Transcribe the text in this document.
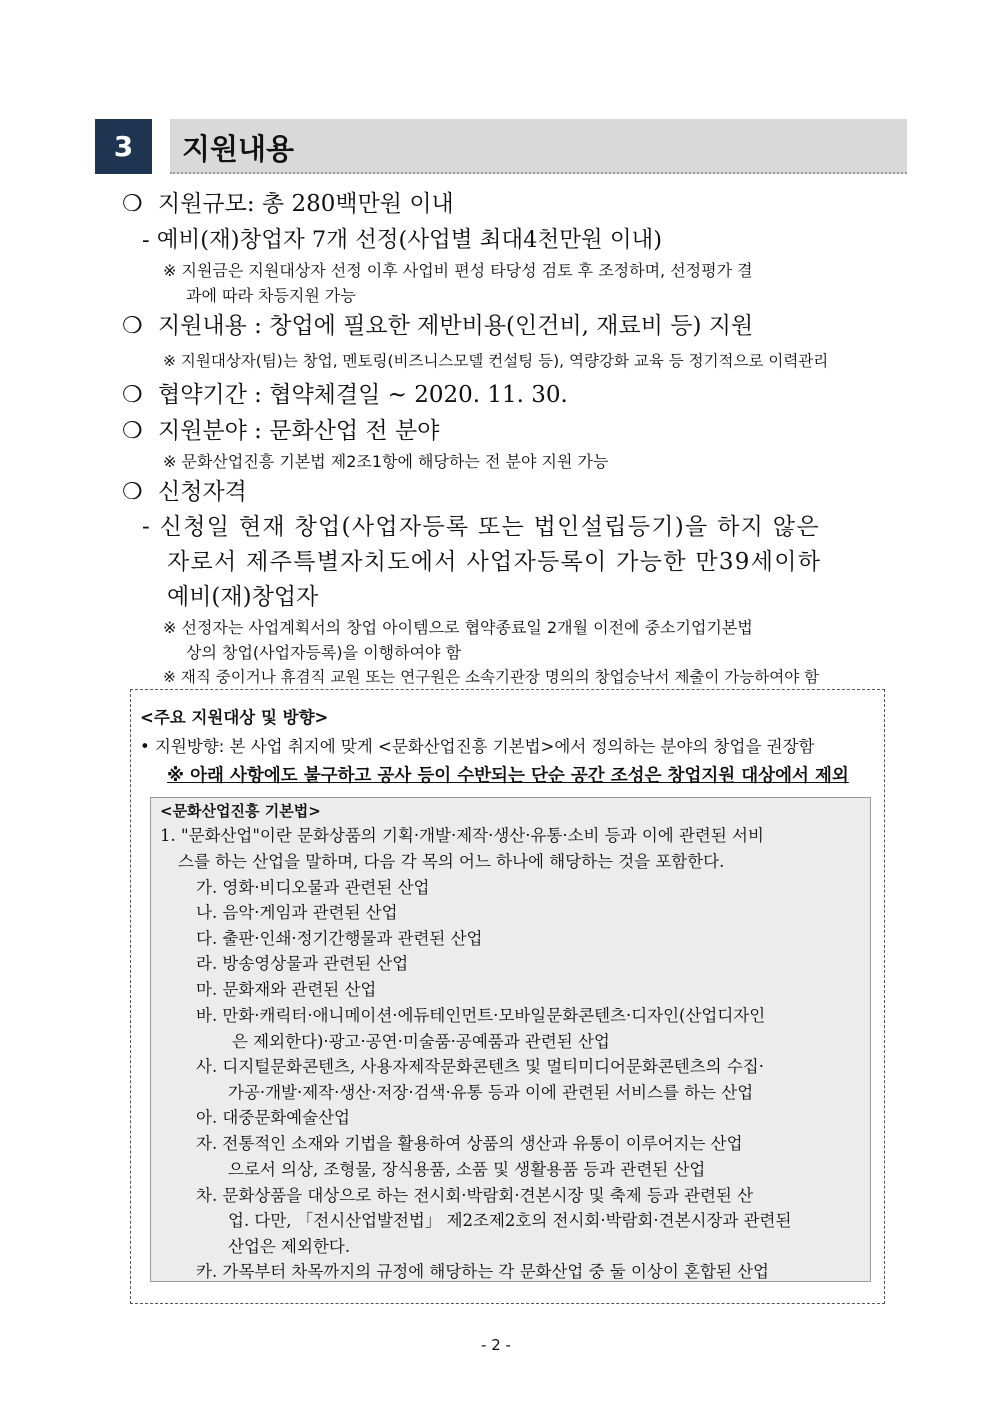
3	지원내용
❍ 지원규모: 총 280백만원 이내
- 예비(재)창업자 7개 선정(사업별 최대4천만원 이내)
※ 지원금은 지원대상자 선정 이후 사업비 편성 타당성 검토 후 조정하며, 선정평가 결
과에 따라 차등지원 가능
❍ 지원내용 : 창업에 필요한 제반비용(인건비, 재료비 등) 지원
※ 지원대상자(팀)는 창업, 멘토링(비즈니스모델 컨설팅 등), 역량강화 교육 등 정기적으로 이력관리
❍ 협약기간 : 협약체결일 ~ 2020. 11. 30.
❍ 지원분야 : 문화산업 전 분야
※ 문화산업진흥 기본법 제2조1항에 해당하는 전 분야 지원 가능
❍ 신청자격
- 신청일 현재 창업(사업자등록 또는 법인설립등기)을 하지 않은
자로서 제주특별자치도에서 사업자등록이 가능한 만39세이하
예비(재)창업자
※ 선정자는 사업계획서의 창업 아이템으로 협약종료일 2개월 이전에 중소기업기본법
상의 창업(사업자등록)을 이행하여야 함
※ 재직 중이거나 휴겸직 교원 또는 연구원은 소속기관장 명의의 창업승낙서 제출이 가능하여야 함
<주요 지원대상 및 방향>
• 지원방향: 본 사업 취지에 맞게 <문화산업진흥 기본법>에서 정의하는 분야의 창업을 권장함
※ 아래 사항에도 불구하고 공사 등이 수반되는 단순 공간 조성은 창업지원 대상에서 제외
<문화산업진흥 기본법>
1. "문화산업"이란 문화상품의 기획·개발·제작·생산·유통·소비 등과 이에 관련된 서비
스를 하는 산업을 말하며, 다음 각 목의 어느 하나에 해당하는 것을 포함한다.
가. 영화·비디오물과 관련된 산업
나. 음악·게임과 관련된 산업
다. 출판·인쇄·정기간행물과 관련된 산업
라. 방송영상물과 관련된 산업
마. 문화재와 관련된 산업
바. 만화·캐릭터·애니메이션·에듀테인먼트·모바일문화콘텐츠·디자인(산업디자인
은 제외한다)·광고·공연·미술품·공예품과 관련된 산업
사. 디지털문화콘텐츠, 사용자제작문화콘텐츠 및 멀티미디어문화콘텐츠의 수집·
가공·개발·제작·생산·저장·검색·유통 등과 이에 관련된 서비스를 하는 산업
아. 대중문화예술산업
자. 전통적인 소재와 기법을 활용하여 상품의 생산과 유통이 이루어지는 산업
으로서 의상, 조형물, 장식용품, 소품 및 생활용품 등과 관련된 산업
차. 문화상품을 대상으로 하는 전시회·박람회·견본시장 및 축제 등과 관련된 산
업. 다만, 「전시산업발전법」 제2조제2호의 전시회·박람회·견본시장과 관련된
산업은 제외한다.
카. 가목부터 차목까지의 규정에 해당하는 각 문화산업 중 둘 이상이 혼합된 산업
- 2 -
